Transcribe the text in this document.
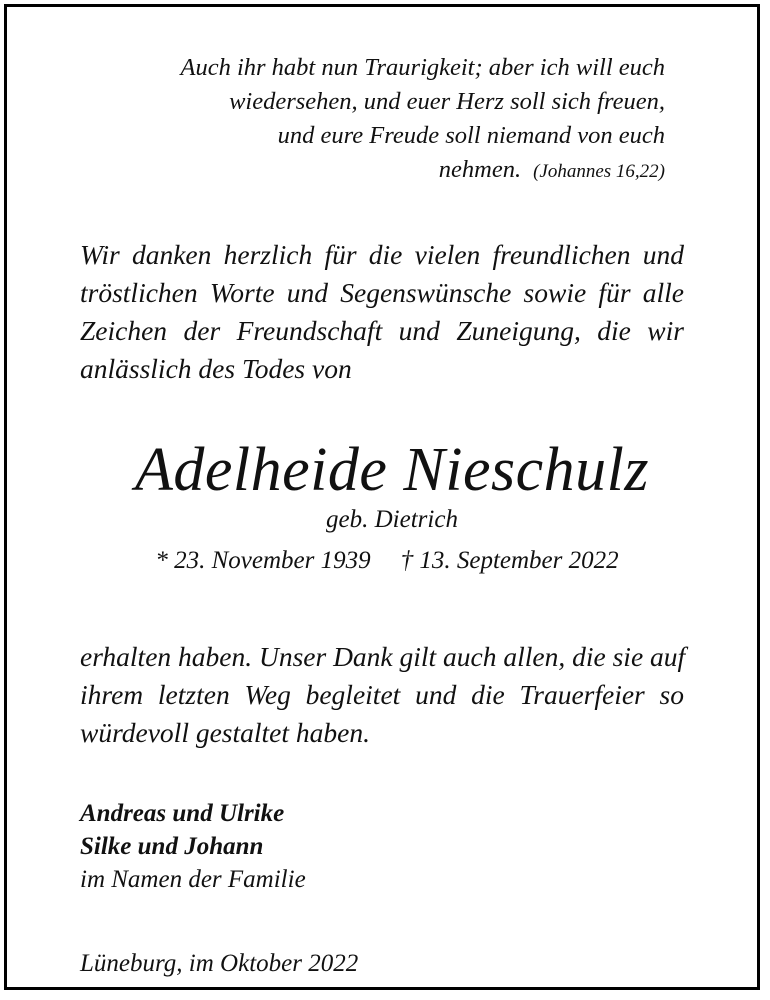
Auch ihr habt nun Traurigkeit; aber ich will euch
wiedersehen, und euer Herz soll sich freuen,
und eure Freude soll niemand von euch
nehmen. (Johannes 16,22)
Wir danken herzlich für die vielen freundlichen und
tröstlichen Worte und Segenswünsche sowie für alle
Zeichen der Freundschaft und Zuneigung, die wir
anlässlich des Todes von
Adelheide Nieschulz
geb. Dietrich
* 23. November 1939 † 13. September 2022
erhalten haben. Unser Dank gilt auch allen, die sie auf
ihrem letzten Weg begleitet und die Trauerfeier so
würdevoll gestaltet haben.
Andreas und Ulrike
Silke und Johann
im Namen der Familie
Lüneburg, im Oktober 2022
